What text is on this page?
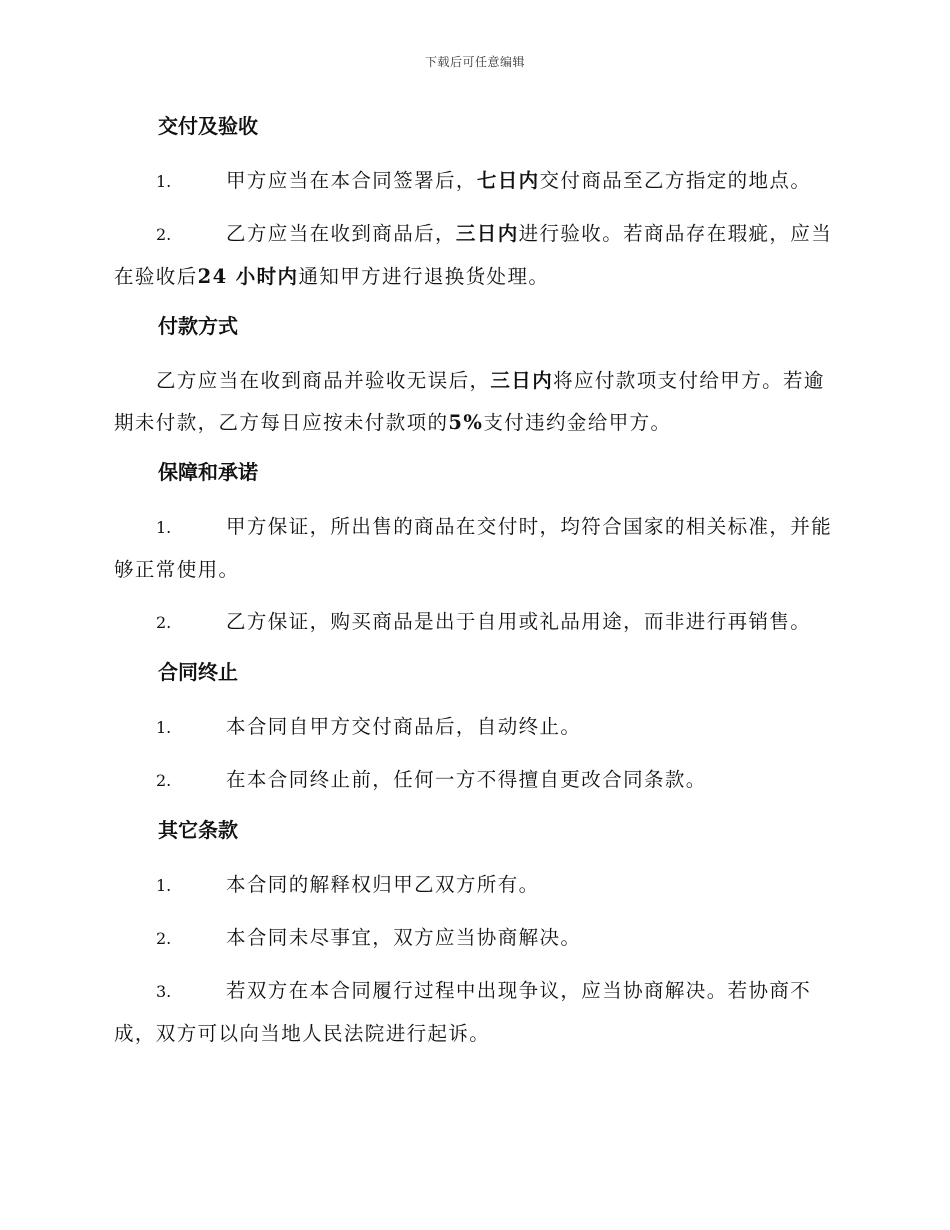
下载后可任意编辑
交付及验收

1.	甲方应当在本合同签署后，七日内交付商品至乙方指定的地点。

2.	乙方应当在收到商品后，三日内进行验收。若商品存在瑕疵，应当在验收后24 小时内通知甲方进行退换货处理。

付款方式

乙方应当在收到商品并验收无误后，三日内将应付款项支付给甲方。若逾期未付款，乙方每日应按未付款项的5%支付违约金给甲方。

保障和承诺

1.	甲方保证，所出售的商品在交付时，均符合国家的相关标准，并能够正常使用。

2.	乙方保证，购买商品是出于自用或礼品用途，而非进行再销售。

合同终止

1.	本合同自甲方交付商品后，自动终止。

2.	在本合同终止前，任何一方不得擅自更改合同条款。

其它条款

1.	本合同的解释权归甲乙双方所有。

2.	本合同未尽事宜，双方应当协商解决。

3.	若双方在本合同履行过程中出现争议，应当协商解决。若协商不成，双方可以向当地人民法院进行起诉。
